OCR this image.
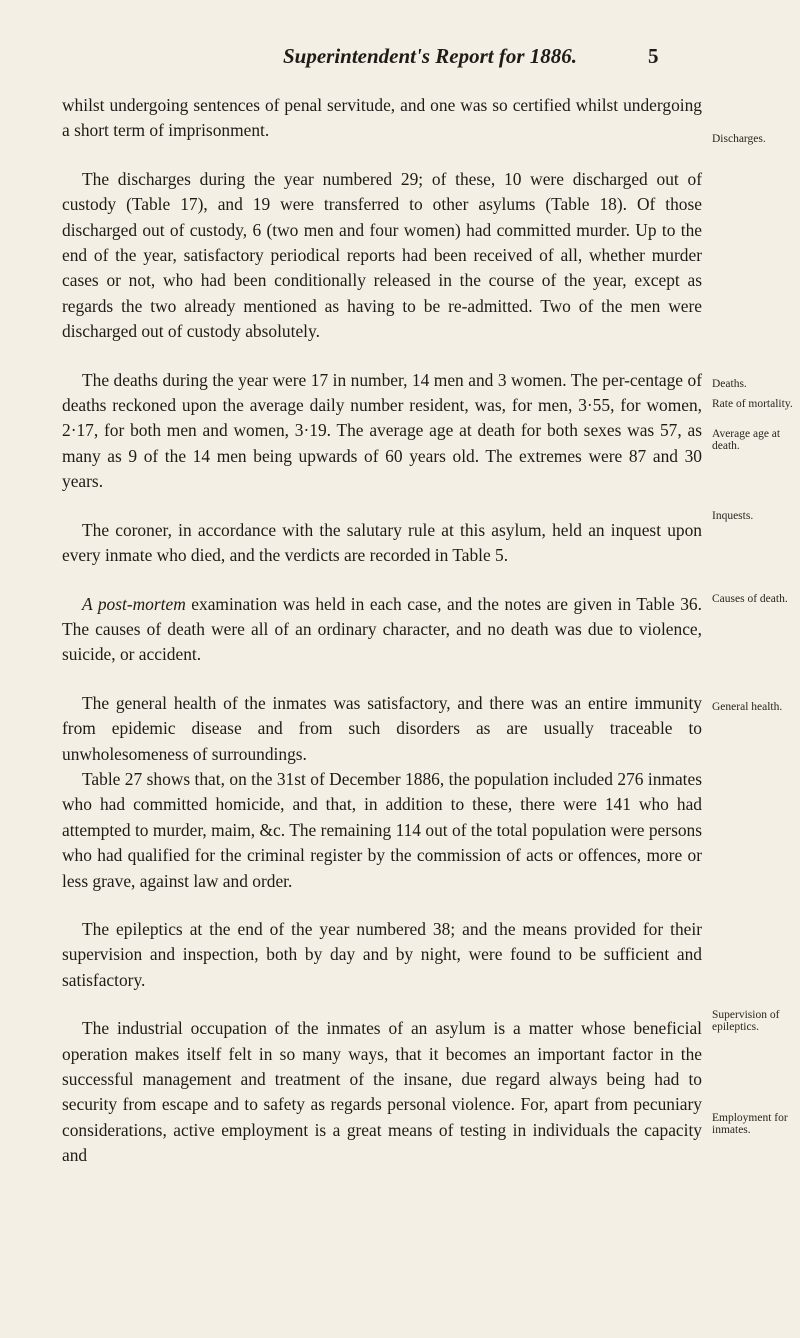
Superintendent's Report for 1886.	5

whilst undergoing sentences of penal servitude, and one was so certified whilst undergoing a short term of imprisonment.

The discharges during the year numbered 29; of these, 10 were discharged out of custody (Table 17), and 19 were transferred to other asylums (Table 18). Of those discharged out of custody, 6 (two men and four women) had committed murder. Up to the end of the year, satisfactory periodical reports had been received of all, whether murder cases or not, who had been conditionally released in the course of the year, except as regards the two already mentioned as having to be re-admitted. Two of the men were discharged out of custody absolutely.

The deaths during the year were 17 in number, 14 men and 3 women. The per-centage of deaths reckoned upon the average daily number resident, was, for men, 3·55, for women, 2·17, for both men and women, 3·19. The average age at death for both sexes was 57, as many as 9 of the 14 men being upwards of 60 years old. The extremes were 87 and 30 years.

The coroner, in accordance with the salutary rule at this asylum, held an inquest upon every inmate who died, and the verdicts are recorded in Table 5.

A post-mortem examination was held in each case, and the notes are given in Table 36. The causes of death were all of an ordinary character, and no death was due to violence, suicide, or accident.

The general health of the inmates was satisfactory, and there was an entire immunity from epidemic disease and from such disorders as are usually traceable to unwholesomeness of surroundings.

Table 27 shows that, on the 31st of December 1886, the population included 276 inmates who had committed homicide, and that, in addition to these, there were 141 who had attempted to murder, maim, &c. The remaining 114 out of the total population were persons who had qualified for the criminal register by the commission of acts or offences, more or less grave, against law and order.

The epileptics at the end of the year numbered 38; and the means provided for their supervision and inspection, both by day and by night, were found to be sufficient and satisfactory.

The industrial occupation of the inmates of an asylum is a matter whose beneficial operation makes itself felt in so many ways, that it becomes an important factor in the successful management and treatment of the insane, due regard always being had to security from escape and to safety as regards personal violence. For, apart from pecuniary considerations, active employment is a great means of testing in individuals the capacity and

Discharges.
Deaths.
Rate of mortality.
Average age at death.
Inquests.
Causes of death.
General health.
Supervision of epileptics.
Employment for inmates.
